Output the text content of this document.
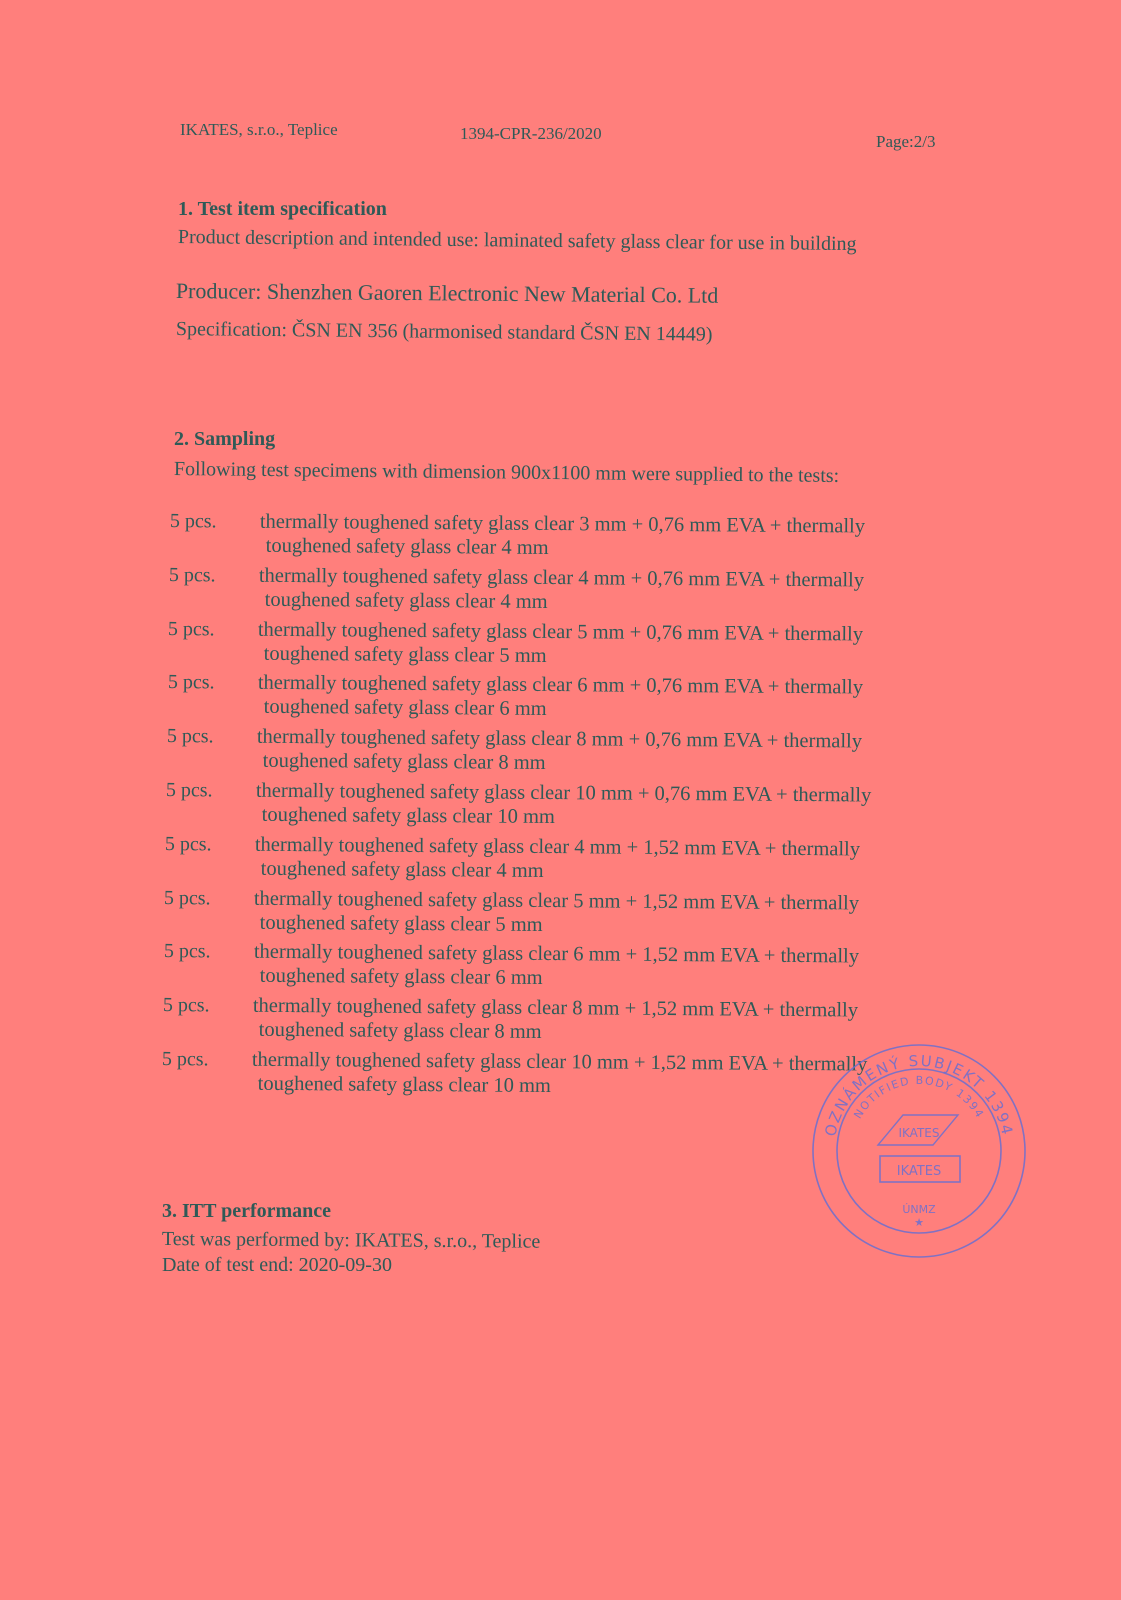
IKATES, s.r.o., Teplice	1394-CPR-236/2020	Page:2/3
1. Test item specification
Product description and intended use: laminated safety glass clear for use in building
Producer: Shenzhen Gaoren Electronic New Material Co. Ltd
Specification: ČSN EN 356 (harmonised standard ČSN EN 14449)
2. Sampling
Following test specimens with dimension 900x1100 mm were supplied to the tests:
5 pcs. thermally toughened safety glass clear 3 mm + 0,76 mm EVA + thermally
toughened safety glass clear 4 mm
5 pcs. thermally toughened safety glass clear 4 mm + 0,76 mm EVA + thermally
toughened safety glass clear 4 mm
5 pcs. thermally toughened safety glass clear 5 mm + 0,76 mm EVA + thermally
toughened safety glass clear 5 mm
5 pcs. thermally toughened safety glass clear 6 mm + 0,76 mm EVA + thermally
toughened safety glass clear 6 mm
5 pcs. thermally toughened safety glass clear 8 mm + 0,76 mm EVA + thermally
toughened safety glass clear 8 mm
5 pcs. thermally toughened safety glass clear 10 mm + 0,76 mm EVA + thermally
toughened safety glass clear 10 mm
5 pcs. thermally toughened safety glass clear 4 mm + 1,52 mm EVA + thermally
toughened safety glass clear 4 mm
5 pcs. thermally toughened safety glass clear 5 mm + 1,52 mm EVA + thermally
toughened safety glass clear 5 mm
5 pcs. thermally toughened safety glass clear 6 mm + 1,52 mm EVA + thermally
toughened safety glass clear 6 mm
5 pcs. thermally toughened safety glass clear 8 mm + 1,52 mm EVA + thermally
toughened safety glass clear 8 mm
5 pcs. thermally toughened safety glass clear 10 mm + 1,52 mm EVA + thermally
toughened safety glass clear 10 mm
3. ITT performance
Test was performed by: IKATES, s.r.o., Teplice
Date of test end: 2020-09-30
OZNÁMENÝ SUBJEKT 1394
NOTIFIED BODY 1394
IKATES
IKATES
ÚNMZ
★
